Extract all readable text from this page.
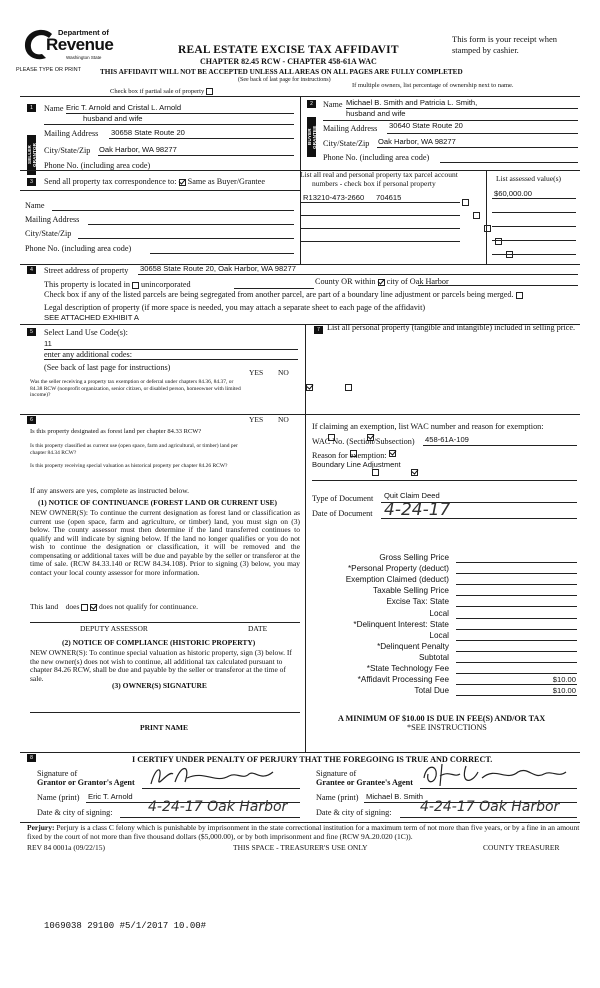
Department of
Revenue
Washington State
PLEASE TYPE OR PRINT
REAL ESTATE EXCISE TAX AFFIDAVIT
CHAPTER 82.45 RCW - CHAPTER 458-61A WAC
This form is your receipt when stamped by cashier.
THIS AFFIDAVIT WILL NOT BE ACCEPTED UNLESS ALL AREAS ON ALL PAGES ARE FULLY COMPLETED
(See back of last page for instructions)
Check box if partial sale of property
If multiple owners, list percentage of ownership next to name.
1
SELLER GRANTOR
Name Eric T. Arnold and Cristal L. Arnold
husband and wife
Mailing Address 30658 State Route 20
City/State/Zip Oak Harbor, WA 98277
Phone No. (including area code)
2
BUYER GRANTEE
Name Michael B. Smith and Patricia L. Smith,
husband and wife
Mailing Address 30640 State Route 20
City/State/Zip Oak Harbor, WA 98277
Phone No. (including area code)
3	Send all property tax correspondence to: Same as Buyer/Grantee
Name
Mailing Address
City/State/Zip
Phone No. (including area code)
List all real and personal property tax parcel account
numbers - check box if personal property
List assessed value(s)
R13210-473-2660 704615

	$60,000.00
4	Street address of property 30658 State Route 20, Oak Harbor, WA 98277
This property is located in unincorporated	County OR within city of Oak Harbor
Check box if any of the listed parcels are being segregated from another parcel, are part of a boundary line adjustment or parcels being merged.
Legal description of property (if more space is needed, you may attach a separate sheet to each page of the affidavit)
SEE ATTACHED EXHIBIT A
5	Select Land Use Code(s):
11
enter any additional codes:
(See back of last page for instructions)
YES NO
Was the seller receiving a property tax exemption or deferral under chapters 84.36, 84.37, or 84.38 RCW (nonprofit organization, senior citizen, or disabled person, homeowner with limited income)?

7 List all personal property (tangible and intangible) included in selling price.
6	YES NO
Is this property designated as forest land per chapter 84.33 RCW?

Is this property classified as current use (open space, farm and agricultural, or timber) land per chapter 84.34 RCW?

Is this property receiving special valuation as historical property per chapter 84.26 RCW?

If any answers are yes, complete as instructed below.
(1) NOTICE OF CONTINUANCE (FOREST LAND OR CURRENT USE)
NEW OWNER(S): To continue the current designation as forest land or classification as current use (open space, farm and agriculture, or timber) land, you must sign on (3) below. The county assessor must then determine if the land transferred continues to qualify and will indicate by signing below. If the land no longer qualifies or you do not wish to continue the designation or classification, it will be removed and the compensating or additional taxes will be due and payable by the seller or transferor at the time of sale. (RCW 84.33.140 or RCW 84.34.108). Prior to signing (3) below, you may contact your local county assessor for more information.
This land does	does not qualify for continuance.
DEPUTY ASSESSOR	DATE
(2) NOTICE OF COMPLIANCE (HISTORIC PROPERTY)
NEW OWNER(S): To continue special valuation as historic property, sign (3) below. If the new owner(s) does not wish to continue, all additional tax calculated pursuant to chapter 84.26 RCW, shall be due and payable by the seller or transferor at the time of sale.
(3) OWNER(S) SIGNATURE
PRINT NAME
If claiming an exemption, list WAC number and reason for exemption:
WAC No. (Section/Subsection) 458-61A-109
Reason for exemption:
Boundary Line Adjustment
Type of Document Quit Claim Deed
Date of Document 4-24-17
Gross Selling Price
*Personal Property (deduct)
Exemption Claimed (deduct)
Taxable Selling Price
Excise Tax: State
Local
*Delinquent Interest: State
Local
*Delinquent Penalty
Subtotal
*State Technology Fee
*Affidavit Processing Fee	$10.00
Total Due	$10.00
A MINIMUM OF $10.00 IS DUE IN FEE(S) AND/OR TAX
*SEE INSTRUCTIONS
8	I CERTIFY UNDER PENALTY OF PERJURY THAT THE FOREGOING IS TRUE AND CORRECT.
Signature of
Grantor or Grantor's Agent
Name (print) Eric T. Arnold
Date & city of signing:	4-24-17 Oak Harbor
Signature of
Grantee or Grantee's Agent
Name (print) Michael B. Smith
Date & city of signing: 4-24-17 Oak Harbor
Perjury: Perjury is a class C felony which is punishable by imprisonment in the state correctional institution for a maximum term of not more than five years, or by a fine in an amount fixed by the court of not more than five thousand dollars ($5,000.00), or by both imprisonment and fine (RCW 9A.20.020 (1C)).
REV 84 0001a (09/22/15)	THIS SPACE - TREASURER'S USE ONLY	COUNTY TREASURER
1069038 29100 #5/1/2017 10.00#
